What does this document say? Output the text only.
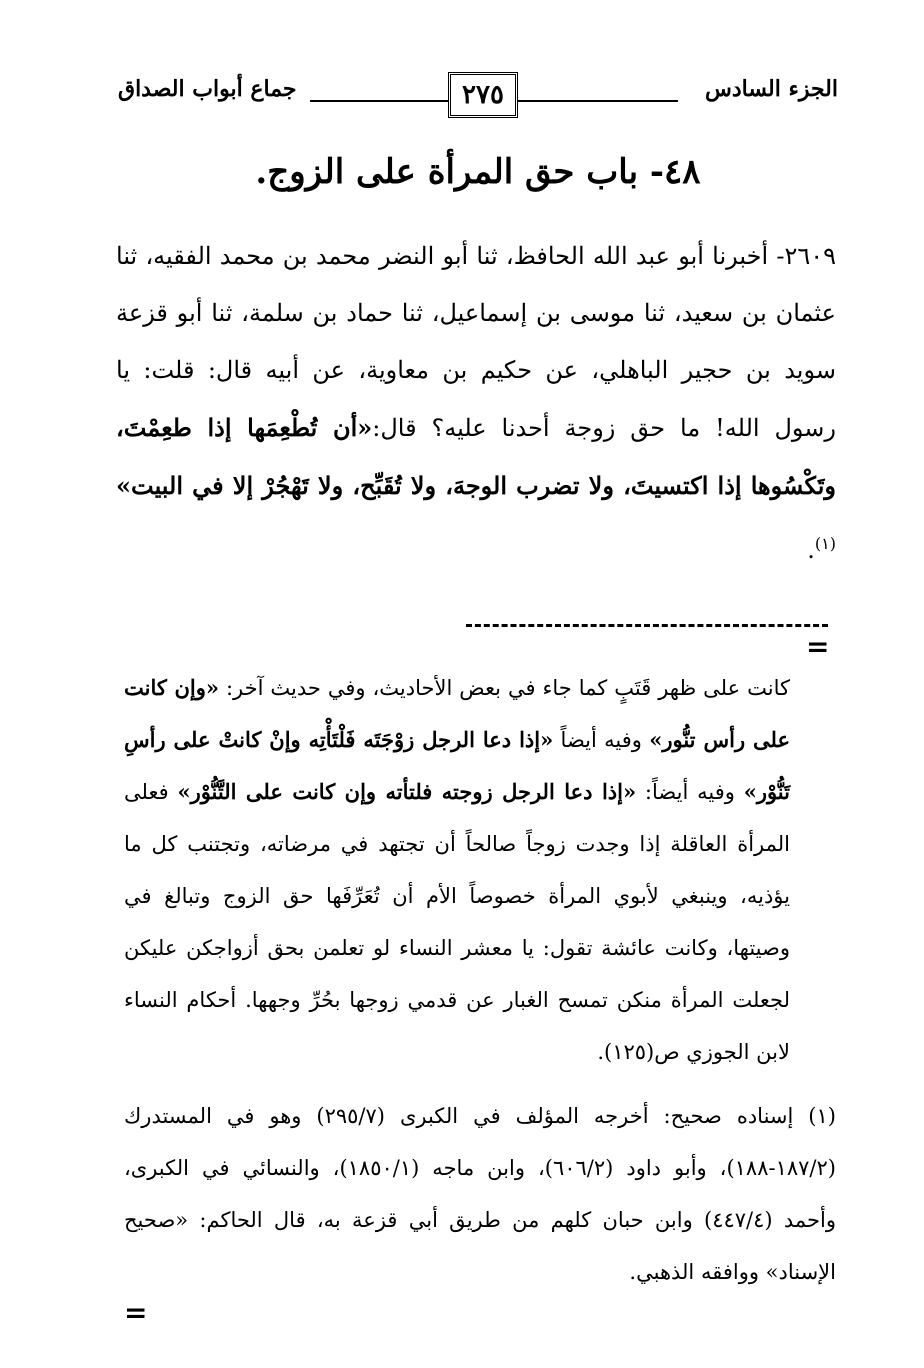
الجزء السادس
٢٧٥
جماع أبواب الصداق
٤٨- باب حق المرأة على الزوج.
٢٦٠٩- أخبرنا أبو عبد الله الحافظ، ثنا أبو النضر محمد بن محمد الفقيه، ثنا عثمان بن سعيد، ثنا موسى بن إسماعيل، ثنا حماد بن سلمة، ثنا أبو قزعة سويد بن حجير الباهلي، عن حكيم بن معاوية، عن أبيه قال: قلت: يا رسول الله! ما حق زوجة أحدنا عليه؟ قال:«أن تُطْعِمَها إذا طعِمْتَ، وتَكْسُوها إذا اكتسيتَ، ولا تضرب الوجهَ، ولا تُقَبِّح، ولا تَهْجُرْ إلا في البيت» $^{(١)}$.
=
كانت على ظهر قَتَبٍ كما جاء في بعض الأحاديث، وفي حديث آخر: «وإن كانت على رأس تنُّور» وفيه أيضاً «إذا دعا الرجل زوْجَتَه فَلْتَأْتِه وإنْ كانتْ على رأسِ تَنُّوْر» وفيه أيضاً: «إذا دعا الرجل زوجته فلتأته وإن كانت على التَّنُّوْر» فعلى المرأة العاقلة إذا وجدت زوجاً صالحاً أن تجتهد في مرضاته، وتجتنب كل ما يؤذيه، وينبغي لأبوي المرأة خصوصاً الأم أن تُعَرِّفَها حق الزوج وتبالغ في وصيتها، وكانت عائشة تقول: يا معشر النساء لو تعلمن بحق أزواجكن عليكن لجعلت المرأة منكن تمسح الغبار عن قدمي زوجها بحُرِّ وجهها. أحكام النساء لابن الجوزي ص(١٢٥).
(١) إسناده صحيح: أخرجه المؤلف في الكبرى (٢٩٥/٧) وهو في المستدرك (١٨٧/٢-١٨٨)، وأبو داود (٦٠٦/٢)، وابن ماجه (١٨٥٠/١)، والنسائي في الكبرى، وأحمد (٤٤٧/٤) وابن حبان كلهم من طريق أبي قزعة به، قال الحاكم: «صحيح الإسناد» ووافقه الذهبي.
=
